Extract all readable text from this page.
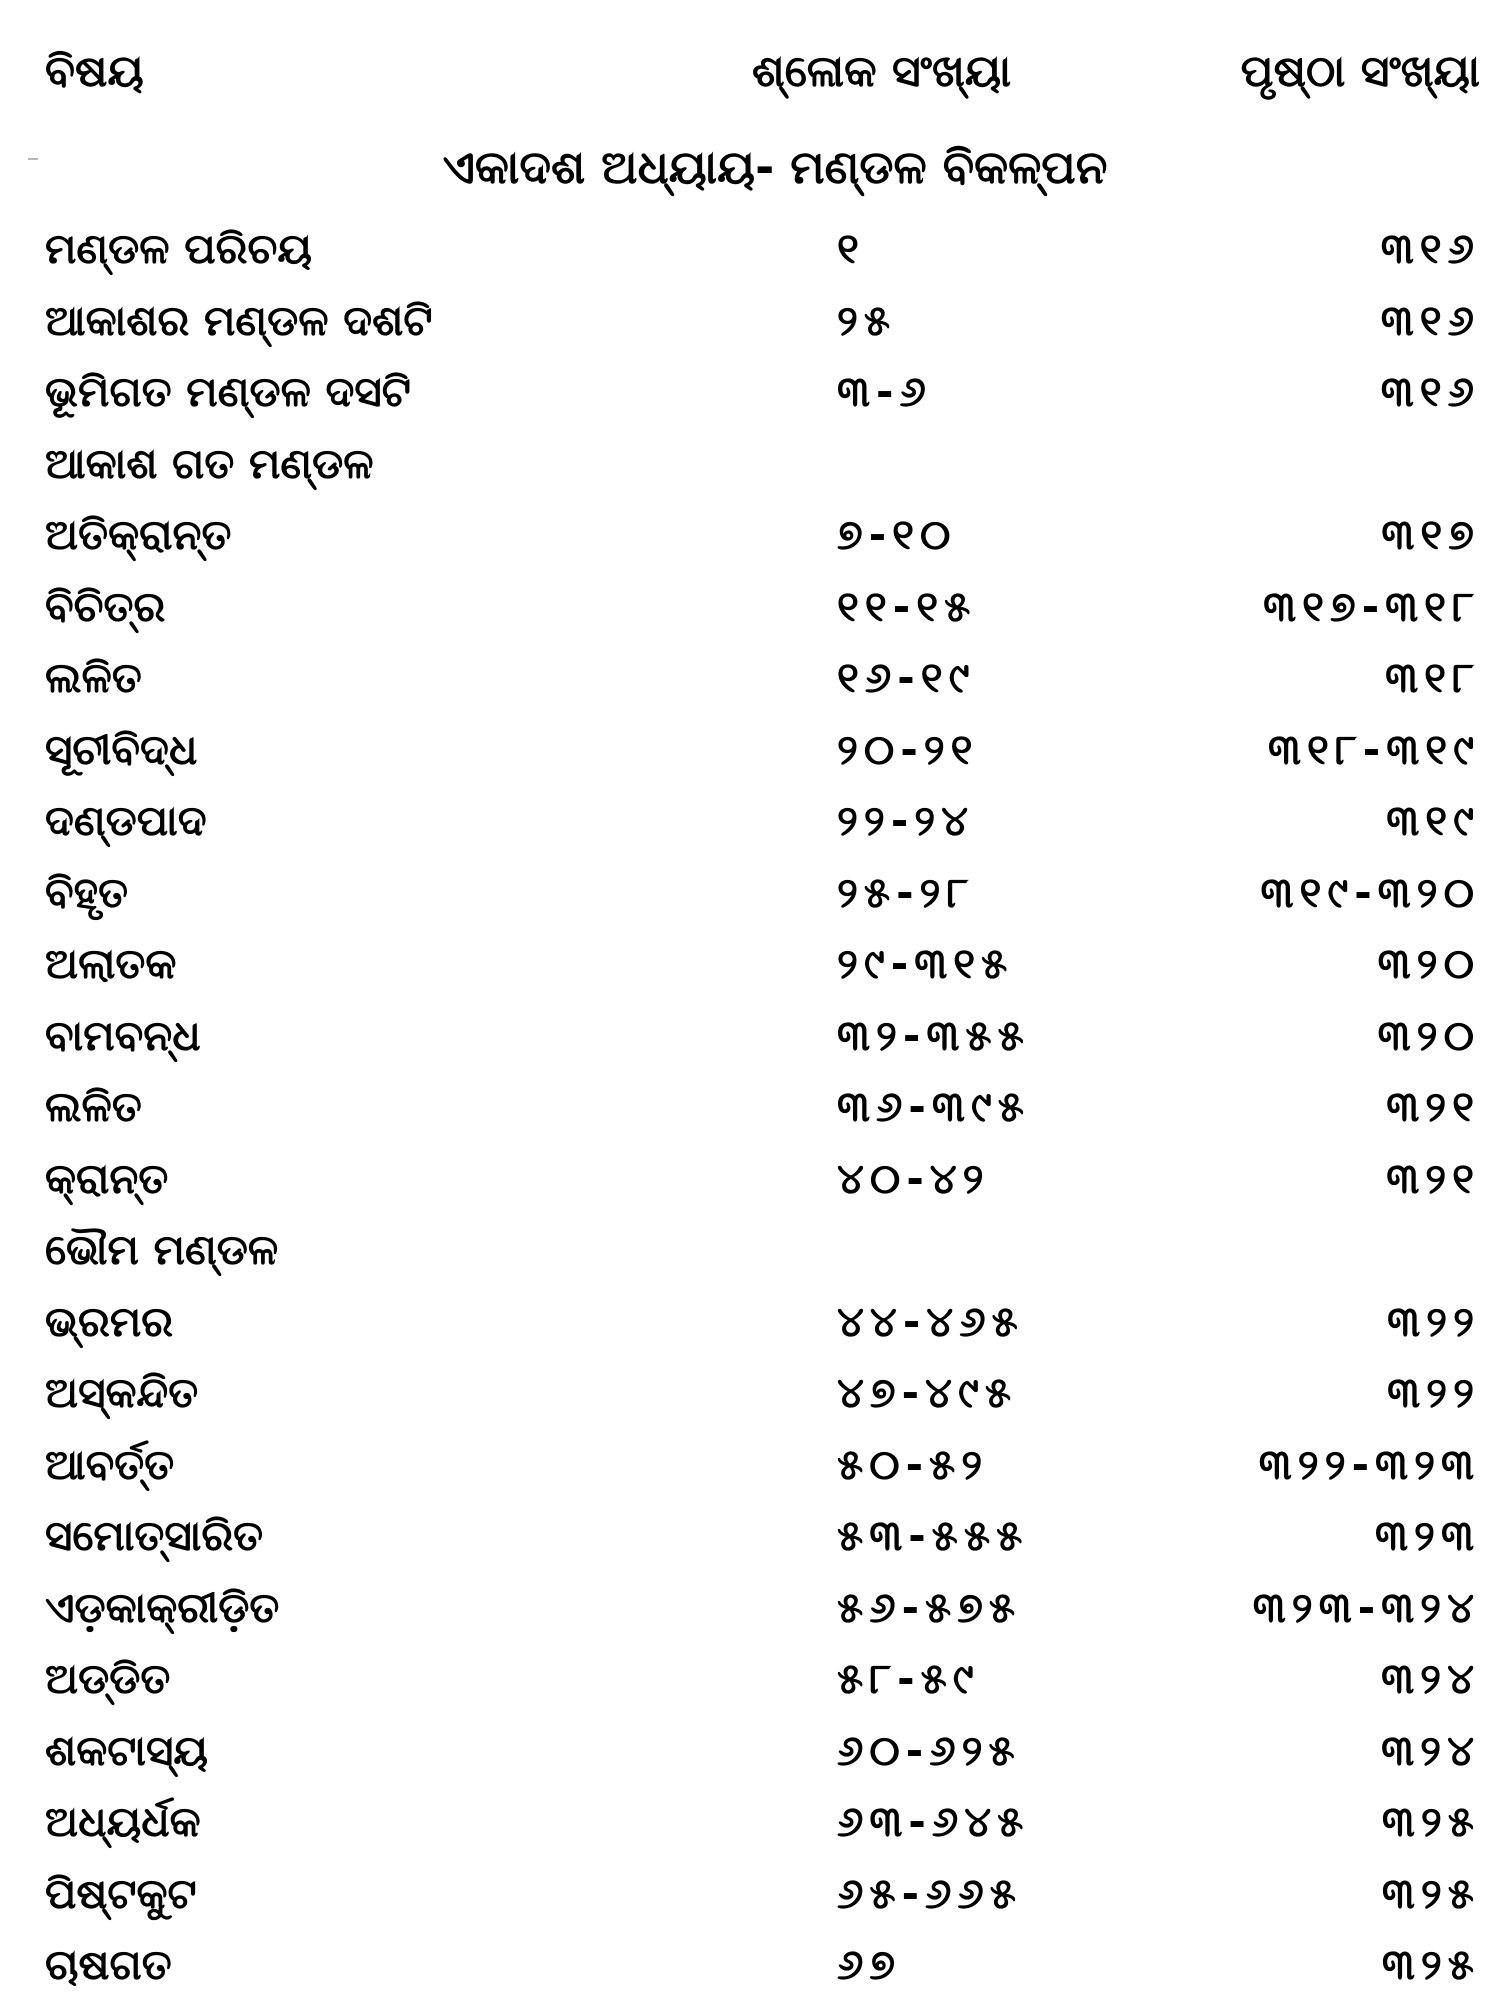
ବିଷୟ	ଶ୍ଳୋକ ସଂଖ୍ୟା	ପୃଷ୍ଠା ସଂଖ୍ୟା
ଏକାଦଶ ଅଧ୍ୟାୟ- ମଣ୍ଡଳ ବିକଳ୍ପନ
ମଣ୍ଡଳ ପରିଚୟ	୧	୩୧୬
ଆକାଶର ମଣ୍ଡଳ ଦଶଟି	୨୫	୩୧୬
ଭୂମିଗତ ମଣ୍ଡଳ ଦସଟି	୩-୬	୩୧୬
ଆକାଶ ଗତ ମଣ୍ଡଳ
ଅତିକ୍ରାନ୍ତ	୭-୧୦	୩୧୭
ବିଚିତ୍ର	୧୧-୧୫	୩୧୭-୩୧୮
ଲଳିତ	୧୬-୧୯	୩୧୮
ସୂଚୀବିଦ୍ଧ	୨୦-୨୧	୩୧୮-୩୧୯
ଦଣ୍ଡପାଦ	୨୨-୨୪	୩୧୯
ବିହୃତ	୨୫-୨୮	୩୧୯-୩୨୦
ଅଲାତକ	୨୯-୩୧୫	୩୨୦
ବାମବନ୍ଧ	୩୨-୩୫୫	୩୨୦
ଲଳିତ	୩୬-୩୯୫	୩୨୧
କ୍ରାନ୍ତ	୪୦-୪୨	୩୨୧
ଭୌମ ମଣ୍ଡଳ
ଭ୍ରମର	୪୪-୪୬୫	୩୨୨
ଅସ୍କନ୍ଦିତ	୪୭-୪୯୫	୩୨୨
ଆବର୍ତ୍ତ	୫୦-୫୨	୩୨୨-୩୨୩
ସମୋତ୍ସାରିତ	୫୩-୫୫୫	୩୨୩
ଏଡ଼କାକ୍ରୀଡ଼ିତ	୫୬-୫୭୫	୩୨୩-୩୨୪
ଅଡ୍ଡିତ	୫୮-୫୯	୩୨୪
ଶକଟାସ୍ୟ	୬୦-୬୨୫	୩୨୪
ଅଧ୍ୟର୍ଧକ	୬୩-୬୪୫	୩୨୫
ପିଷ୍ଟକୁଟ	୬୫-୬୬୫	୩୨୫
ଚାଷଗତ	୬୭	୩୨୫
